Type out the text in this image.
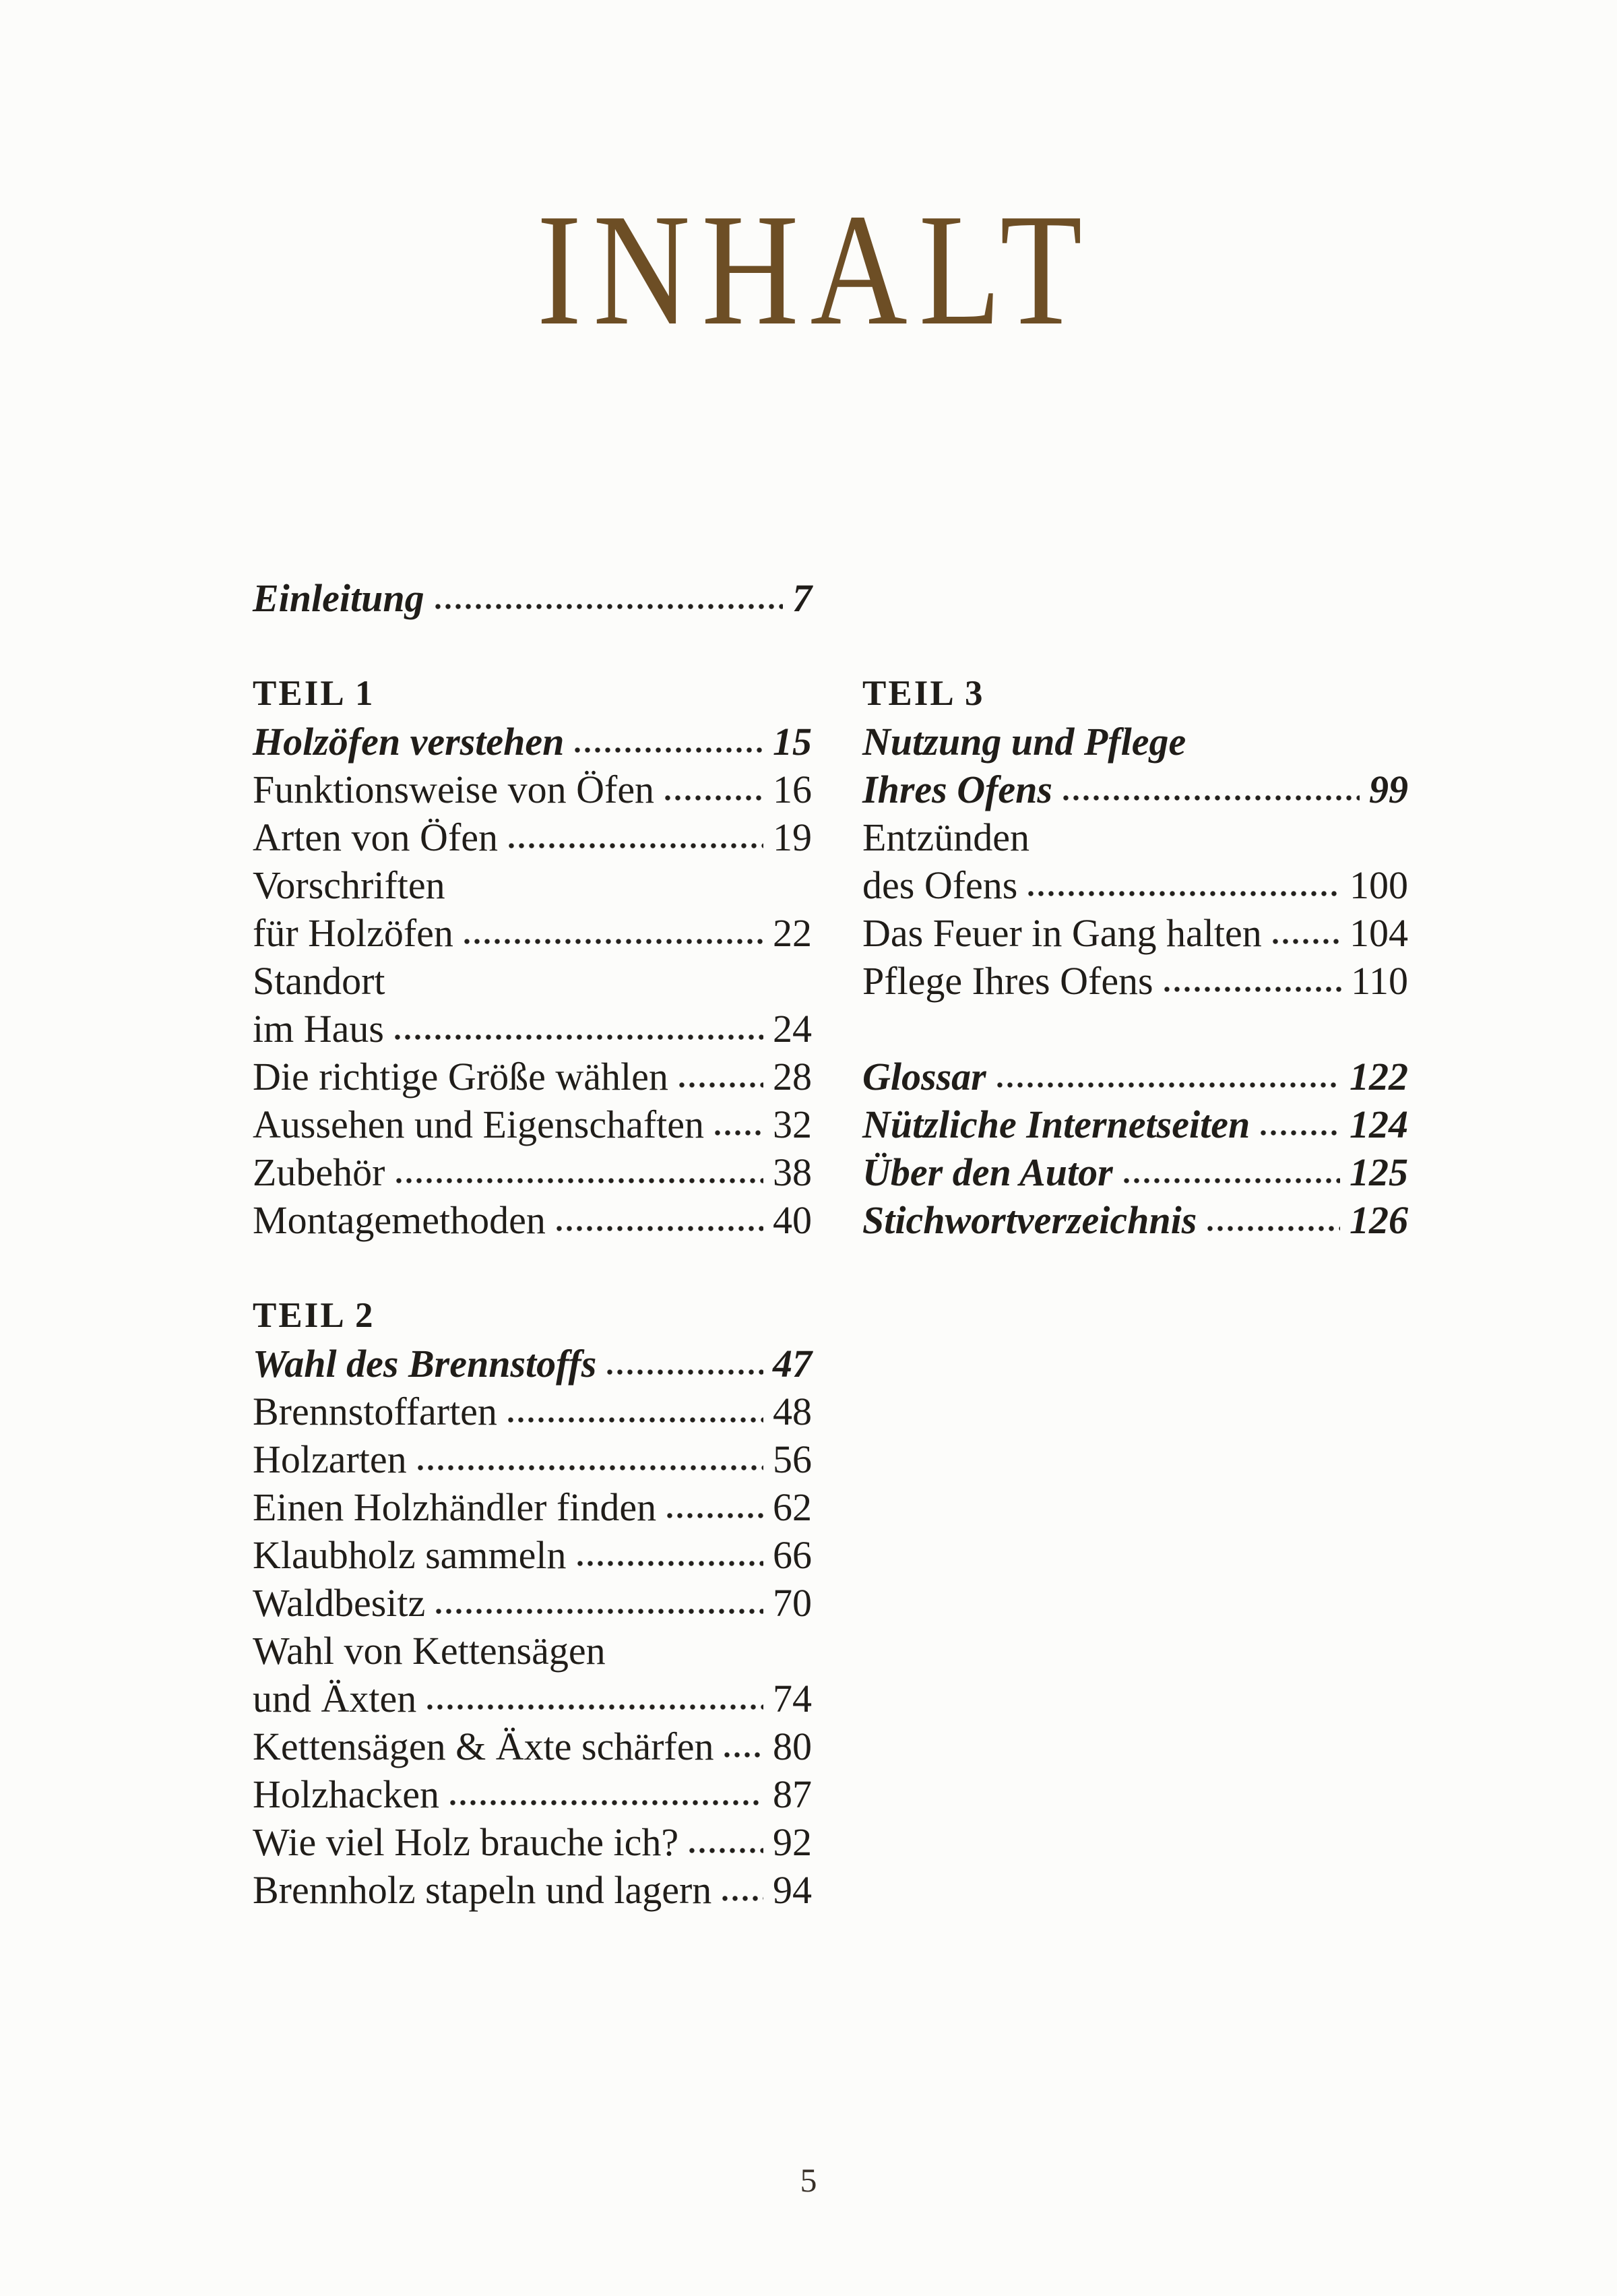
INHALT
Einleitung	7
TEIL 1
Holzöfen verstehen	15
Funktionsweise von Öfen	16
Arten von Öfen	19
Vorschriften
für Holzöfen	22
Standort
im Haus	24
Die richtige Größe wählen	28
Aussehen und Eigenschaften 32
Zubehör	38
Montagemethoden	40
TEIL 2
Wahl des Brennstoffs	47
Brennstoffarten	48
Holzarten	56
Einen Holzhändler finden	62
Klaubholz sammeln	66
Waldbesitz	70
Wahl von Kettensägen
und Äxten	74
Kettensägen & Äxte schärfen 80
Holzhacken	87
Wie viel Holz brauche ich? 92
Brennholz stapeln und lagern 94
TEIL 3
Nutzung und Pflege
Ihres Ofens	99
Entzünden
des Ofens	100
Das Feuer in Gang halten 104
Pflege Ihres Ofens	110
Glossar	122
Nützliche Internetseiten	124
Über den Autor	125
Stichwortverzeichnis	126
5
